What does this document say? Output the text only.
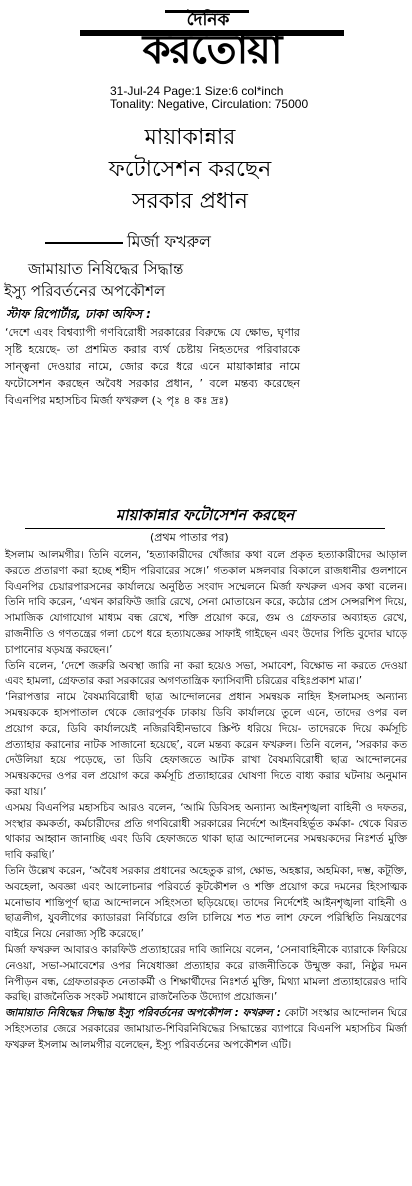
দৈনিক
করতোয়া
31-Jul-24 Page:1 Size:6 col*inch
Tonality: Negative, Circulation: 75000
মায়াকান্নার
ফটোসেশন করছেন
সরকার প্রধান
মির্জা ফখরুল
জামায়াত নিষিদ্ধের সিদ্ধান্ত
ইস্যু পরিবর্তনের অপকৌশল
স্টাফ রিপোর্টার, ঢাকা অফিস :
‘দেশে এবং বিশ্বব্যাপী গণবিরোধী সরকারের বিরুদ্ধে যে ক্ষোভ, ঘৃণার সৃষ্টি হয়েছে- তা প্রশমিত করার ব্যর্থ চেষ্টায় নিহতদের পরিবারকে সান্ত্বনা দেওয়ার নামে, জোর করে ধরে এনে মায়াকান্নার নামে ফটোসেশন করছেন অবৈধ সরকার প্রধান, ’ বলে মন্তব্য করেছেন বিএনপির মহাসচিব মির্জা ফখরুল (২ পৃঃ ৪ কঃ দ্রঃ)
মায়াকান্নার ফটোসেশন করছেন
(প্রথম পাতার পর)

ইসলাম আলমগীর। তিনি বলেন, ‘হত্যাকারীদের খোঁজার কথা বলে প্রকৃত হত্যাকারীদের আড়াল করতে প্রতারণা করা হচ্ছে শহীদ পরিবারের সঙ্গে।’ গতকাল মঙ্গলবার বিকালে রাজধানীর গুলশানে বিএনপির চেয়ারপারসনের কার্যালয়ে অনুষ্ঠিত সংবাদ সম্মেলনে মির্জা ফখরুল এসব কথা বলেন। তিনি দাবি করেন, ‘এখন কারফিউ জারি রেখে, সেনা মোতায়েন করে, কঠোর প্রেস সেন্সরশিপ দিয়ে, সামাজিক যোগাযোগ মাধ্যম বন্ধ রেখে, শক্তি প্রয়োগ করে, গুম ও গ্রেফতার অব্যাহত রেখে, রাজনীতি ও গণতন্ত্রের গলা চেপে ধরে হত্যাযজ্ঞের সাফাই গাইছেন এবং উদোর পিন্ডি বুদোর ঘাড়ে চাপানোর ষড়যন্ত্র করছেন।’

তিনি বলেন, ‘দেশে জরুরি অবস্থা জারি না করা হয়েও সভা, সমাবেশ, বিক্ষোভ না করতে দেওয়া এবং হামলা, গ্রেফতার করা সরকারের অগণতান্ত্রিক ফ্যাসিবাদী চরিত্রের বহিঃপ্রকাশ মাত্র।’

‘নিরাপত্তার নামে বৈষম্যবিরোধী ছাত্র আন্দোলনের প্রধান সমন্বয়ক নাহিদ ইসলামসহ অন্যান্য সমন্বয়ককে হাসপাতাল থেকে জোরপূর্বক ঢাকায় ডিবি কার্যালয়ে তুলে এনে, তাদের ওপর বল প্রয়োগ করে, ডিবি কার্যালয়েই নজিরবিহীনভাবে স্ক্রিপ্ট ধরিয়ে দিয়ে- তাদেরকে দিয়ে কর্মসূচি প্রত্যাহার করানোর নাটক সাজানো হয়েছে’, বলে মন্তব্য করেন ফখরুল। তিনি বলেন, ‘সরকার কত দেউলিয়া হয়ে পড়েছে, তা ডিবি হেফাজতে আটক রাখা বৈষম্যবিরোধী ছাত্র আন্দোলনের সমন্বয়কদের ওপর বল প্রয়োগ করে কর্মসূচি প্রত্যাহারের ঘোষণা দিতে বাধ্য করার ঘটনায় অনুমান করা যায়।’

এসময় বিএনপির মহাসচিব আরও বলেন, ‘আমি ডিবিসহ অন্যান্য আইনশৃঙ্খলা বাহিনী ও দফতর, সংস্থার কমকর্তা, কর্মচারীদের প্রতি গণবিরোধী সরকারের নির্দেশে আইনবহির্ভূত কর্মকা- থেকে বিরত থাকার আহ্বান জানাচ্ছি এবং ডিবি হেফাজতে থাকা ছাত্র আন্দোলনের সমন্বয়কদের নিঃশর্ত মুক্তি দাবি করছি।’

তিনি উল্লেখ করেন, ‘অবৈধ সরকার প্রধানের অহেতুক রাগ, ক্ষোভ, অহঙ্কার, অহমিকা, দম্ভ, কটূক্তি, অবহেলা, অবজ্ঞা এবং আলোচনার পরিবর্তে কূটকৌশল ও শক্তি প্রয়োগ করে দমনের হিংসাত্মক মনোভাব শান্তিপূর্ণ ছাত্র আন্দোলনে সহিংসতা ছড়িয়েছে। তাদের নির্দেশেই আইনশৃঙ্খলা বাহিনী ও ছাত্রলীগ, যুবলীগের ক্যাডাররা নির্বিচারে গুলি চালিয়ে শত শত লাশ ফেলে পরিস্থিতি নিয়ন্ত্রণের বাইরে নিয়ে নেরাজ্য সৃষ্টি করেছে।’

মির্জা ফখরুল আবারও কারফিউ প্রত্যাহারের দাবি জানিয়ে বলেন, ‘সেনাবাহিনীকে ব্যারাকে ফিরিয়ে নেওয়া, সভা-সমাবেশের ওপর নিষেধাজ্ঞা প্রত্যাহার করে রাজনীতিকে উন্মুক্ত করা, নিষ্ঠুর দমন নিপীড়ন বন্ধ, গ্রেফতারকৃত নেতাকর্মী ও শিক্ষার্থীদের নিঃশর্ত মুক্তি, মিথ্যা মামলা প্রত্যাহারেরও দাবি করছি। রাজনৈতিক সংকট সমাধানে রাজনৈতিক উদ্যোগ প্রয়োজন।’

জামায়াত নিষিদ্ধের সিদ্ধান্ত ইস্যু পরিবর্তনের অপকৌশল : ফখরুল : কোটা সংস্কার আন্দোলন ঘিরে সহিংসতার জেরে সরকারের জামায়াত-শিবিরনিষিদ্ধের সিদ্ধান্তের ব্যাপারে বিএনপি মহাসচিব মির্জা ফখরুল ইসলাম আলমগীর বলেছেন, ইস্যু পরিবর্তনের অপকৌশল এটি।
